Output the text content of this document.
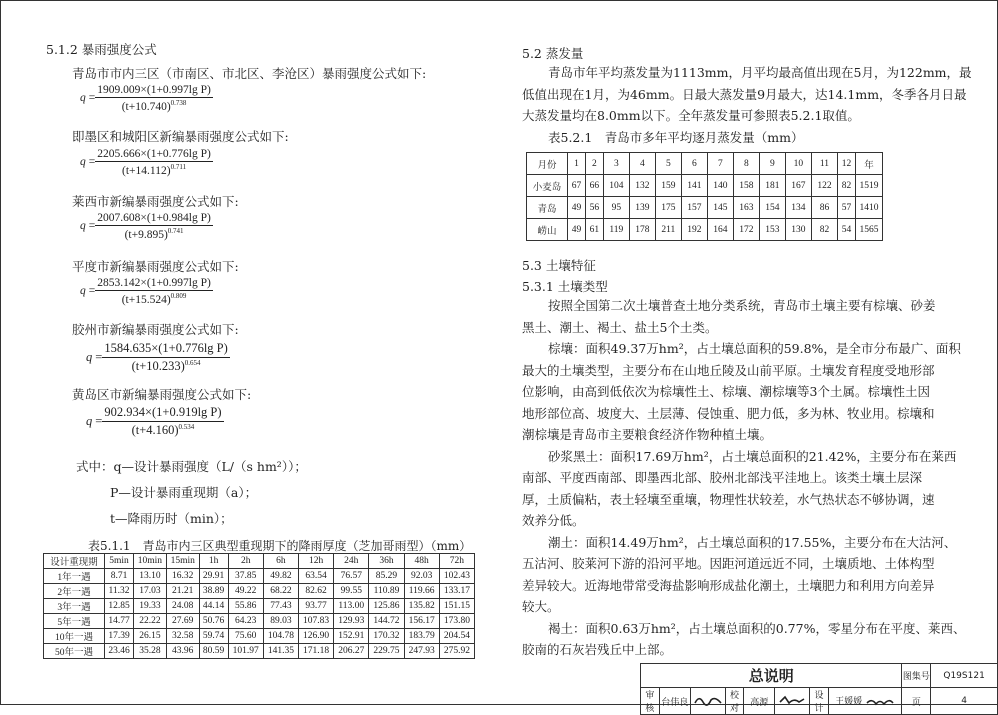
5.1.2 暴雨强度公式
青岛市市内三区（市南区、市北区、李沧区）暴雨强度公式如下:
$q = \frac{\text{1909.009×(1+0.997lg P)}}{(t+10.740)^{0.738}}$
即墨区和城阳区新编暴雨强度公式如下:
$q = \frac{\text{2205.666×(1+0.776lg P)}}{(t+14.112)^{0.711}}$
莱西市新编暴雨强度公式如下:
$q = \frac{\text{2007.608×(1+0.984lg P)}}{(t+9.895)^{0.741}}$
平度市新编暴雨强度公式如下:
$q = \frac{\text{2853.142×(1+0.997lg P)}}{(t+15.524)^{0.809}}$
胶州市新编暴雨强度公式如下:
$q = \frac{\text{1584.635×(1+0.776lg P)}}{(t+10.233)^{0.654}}$
黄岛区市新编暴雨强度公式如下:
$q = \frac{\text{902.934×(1+0.919lg P)}}{(t+4.160)^{0.534}}$
式中：q—设计暴雨强度（L/（s hm²））；
P—设计暴雨重现期（a）；
t—降雨历时（min）；
表5.1.1　青岛市内三区典型重现期下的降雨厚度（芝加哥雨型）（mm）
设计重现期	5min	10min	15min	1h	2h	6h	12h	24h	36h	48h	72h
1年一遇	8.71	13.10	16.32	29.91	37.85	49.82	63.54	76.57	85.29	92.03	102.43
2年一遇	11.32	17.03	21.21	38.89	49.22	68.22	82.62	99.55	110.89	119.66	133.17
3年一遇	12.85	19.33	24.08	44.14	55.86	77.43	93.77	113.00	125.86	135.82	151.15
5年一遇	14.77	22.22	27.69	50.76	64.23	89.03	107.83	129.93	144.72	156.17	173.80
10年一遇	17.39	26.15	32.58	59.74	75.60	104.78	126.90	152.91	170.32	183.79	204.54
50年一遇	23.46	35.28	43.96	80.59	101.97	141.35	171.18	206.27	229.75	247.93	275.92
5.2 蒸发量

青岛市年平均蒸发量为1113mm，月平均最高值出现在5月，为122mm，最

低值出现在1月，为46mm。日最大蒸发量9月最大，达14.1mm，冬季各月日最

大蒸发量均在8.0mm以下。全年蒸发量可参照表5.2.1取值。

表5.2.1　青岛市多年平均逐月蒸发量（mm）
月份	1	2	3	4	5	6	7	8	9	10	11	12	年
小麦岛	67	66	104	132	159	141	140	158	181	167	122	82	1519
青岛	49	56	95	139	175	157	145	163	154	134	86	57	1410
崂山	49	61	119	178	211	192	164	172	153	130	82	54	1565
5.3 土壤特征
5.3.1 土壤类型

按照全国第二次土壤普查土地分类系统，青岛市土壤主要有棕壤、砂姜

黑土、潮土、褐土、盐土5个土类。

棕壤：面积49.37万hm²，占土壤总面积的59.8%，是全市分布最广、面积

最大的土壤类型，主要分布在山地丘陵及山前平原。土壤发育程度受地形部

位影响，由高到低依次为棕壤性土、棕壤、潮棕壤等3个土属。棕壤性土因

地形部位高、坡度大、土层薄、侵蚀重、肥力低，多为林、牧业用。棕壤和

潮棕壤是青岛市主要粮食经济作物种植土壤。

砂浆黑土：面积17.69万hm²，占土壤总面积的21.42%，主要分布在莱西

南部、平度西南部、即墨西北部、胶州北部浅平洼地上。该类土壤土层深

厚，土质偏粘，表土轻壤至重壤，物理性状较差，水气热状态不够协调，速

效养分低。

潮土：面积14.49万hm²，占土壤总面积的17.55%，主要分布在大沽河、

五沽河、胶莱河下游的沿河平地。因距河道远近不同，土壤质地、土体构型

差异较大。近海地带常受海盐影响形成盐化潮土，土壤肥力和利用方向差异

较大。

褐土：面积0.63万hm²，占土壤总面积的0.77%，零星分布在平度、莱西、

胶南的石灰岩残丘中上部。

总说明								图集号	Q19S121
审核	台伟良		校对	高源		设计	王媛媛	页	4
